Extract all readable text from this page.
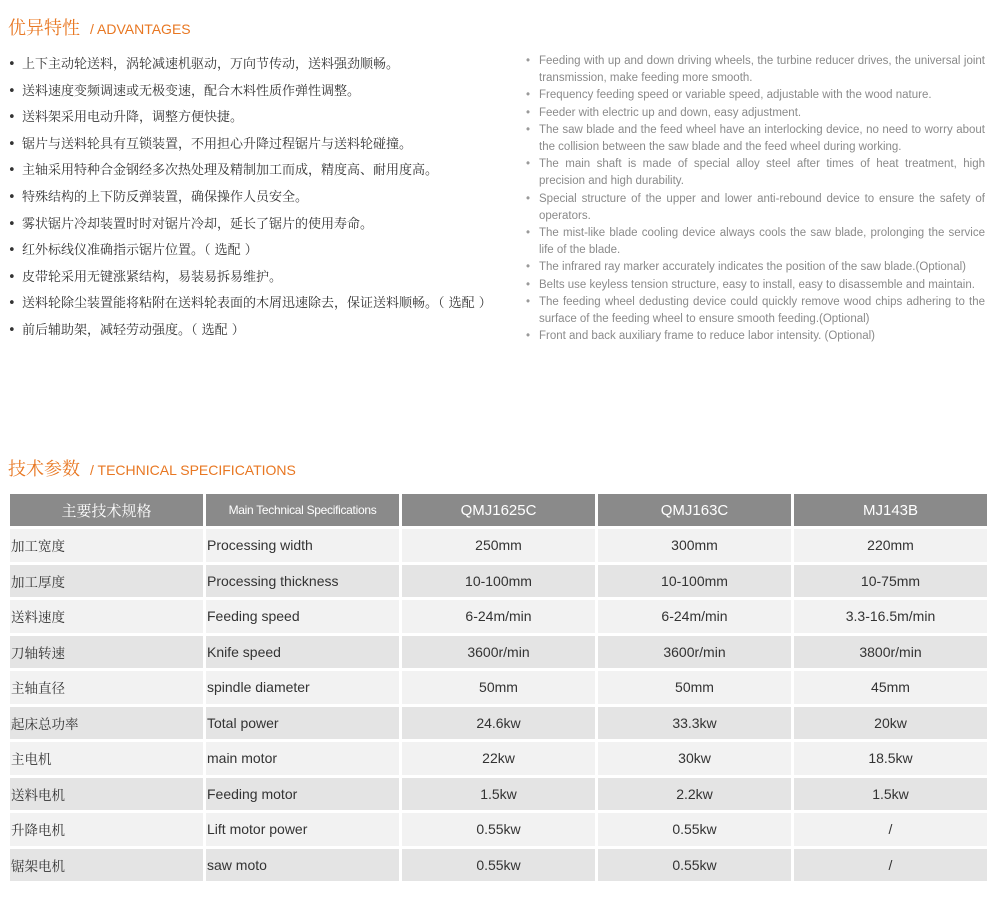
优异特性 / ADVANTAGES
• 上下主动轮送料，涡轮减速机驱动，万向节传动，送料强劲顺畅。
• 送料速度变频调速或无极变速，配合木料性质作弹性调整。
• 送料架采用电动升降，调整方便快捷。
• 锯片与送料轮具有互锁装置，不用担心升降过程锯片与送料轮碰撞。
• 主轴采用特种合金钢经多次热处理及精制加工而成，精度高、耐用度高。
• 特殊结构的上下防反弹装置，确保操作人员安全。
• 雾状锯片冷却装置时时对锯片冷却，延长了锯片的使用寿命。
• 红外标线仪准确指示锯片位置。（ 选配 ）
• 皮带轮采用无键涨紧结构，易装易拆易维护。
• 送料轮除尘装置能将粘附在送料轮表面的木屑迅速除去，保证送料顺畅。（ 选配 ）
• 前后辅助架，减轻劳动强度。（ 选配 ）
• Feeding with up and down driving wheels, the turbine reducer drives, the universal joint transmission, make feeding more smooth.
• Frequency feeding speed or variable speed, adjustable with the wood nature.
• Feeder with electric up and down, easy adjustment.
• The saw blade and the feed wheel have an interlocking device, no need to worry about the collision between the saw blade and the feed wheel during working.
• The main shaft is made of special alloy steel after times of heat treatment, high precision and high durability.
• Special structure of the upper and lower anti-rebound device to ensure the safety of operators.
• The mist-like blade cooling device always cools the saw blade, prolonging the service life of the blade.
• The infrared ray marker accurately indicates the position of the saw blade.(Optional)
• Belts use keyless tension structure, easy to install, easy to disassemble and maintain.
• The feeding wheel dedusting device could quickly remove wood chips adhering to the surface of the feeding wheel to ensure smooth feeding.(Optional)
• Front and back auxiliary frame to reduce labor intensity. (Optional)
技术参数 / TECHNICAL SPECIFICATIONS
主要技术规格	Main Technical Specifications	QMJ1625C	QMJ163C	MJ143B
加工宽度	Processing width	250mm	300mm	220mm
加工厚度	Processing thickness	10-100mm	10-100mm	10-75mm
送料速度	Feeding speed	6-24m/min	6-24m/min	3.3-16.5m/min
刀轴转速	Knife speed	3600r/min	3600r/min	3800r/min
主轴直径	spindle diameter	50mm	50mm	45mm
起床总功率	Total power	24.6kw	33.3kw	20kw
主电机	main motor	22kw	30kw	18.5kw
送料电机	Feeding motor	1.5kw	2.2kw	1.5kw
升降电机	Lift motor power	0.55kw	0.55kw	/
锯架电机	saw moto	0.55kw	0.55kw	/
